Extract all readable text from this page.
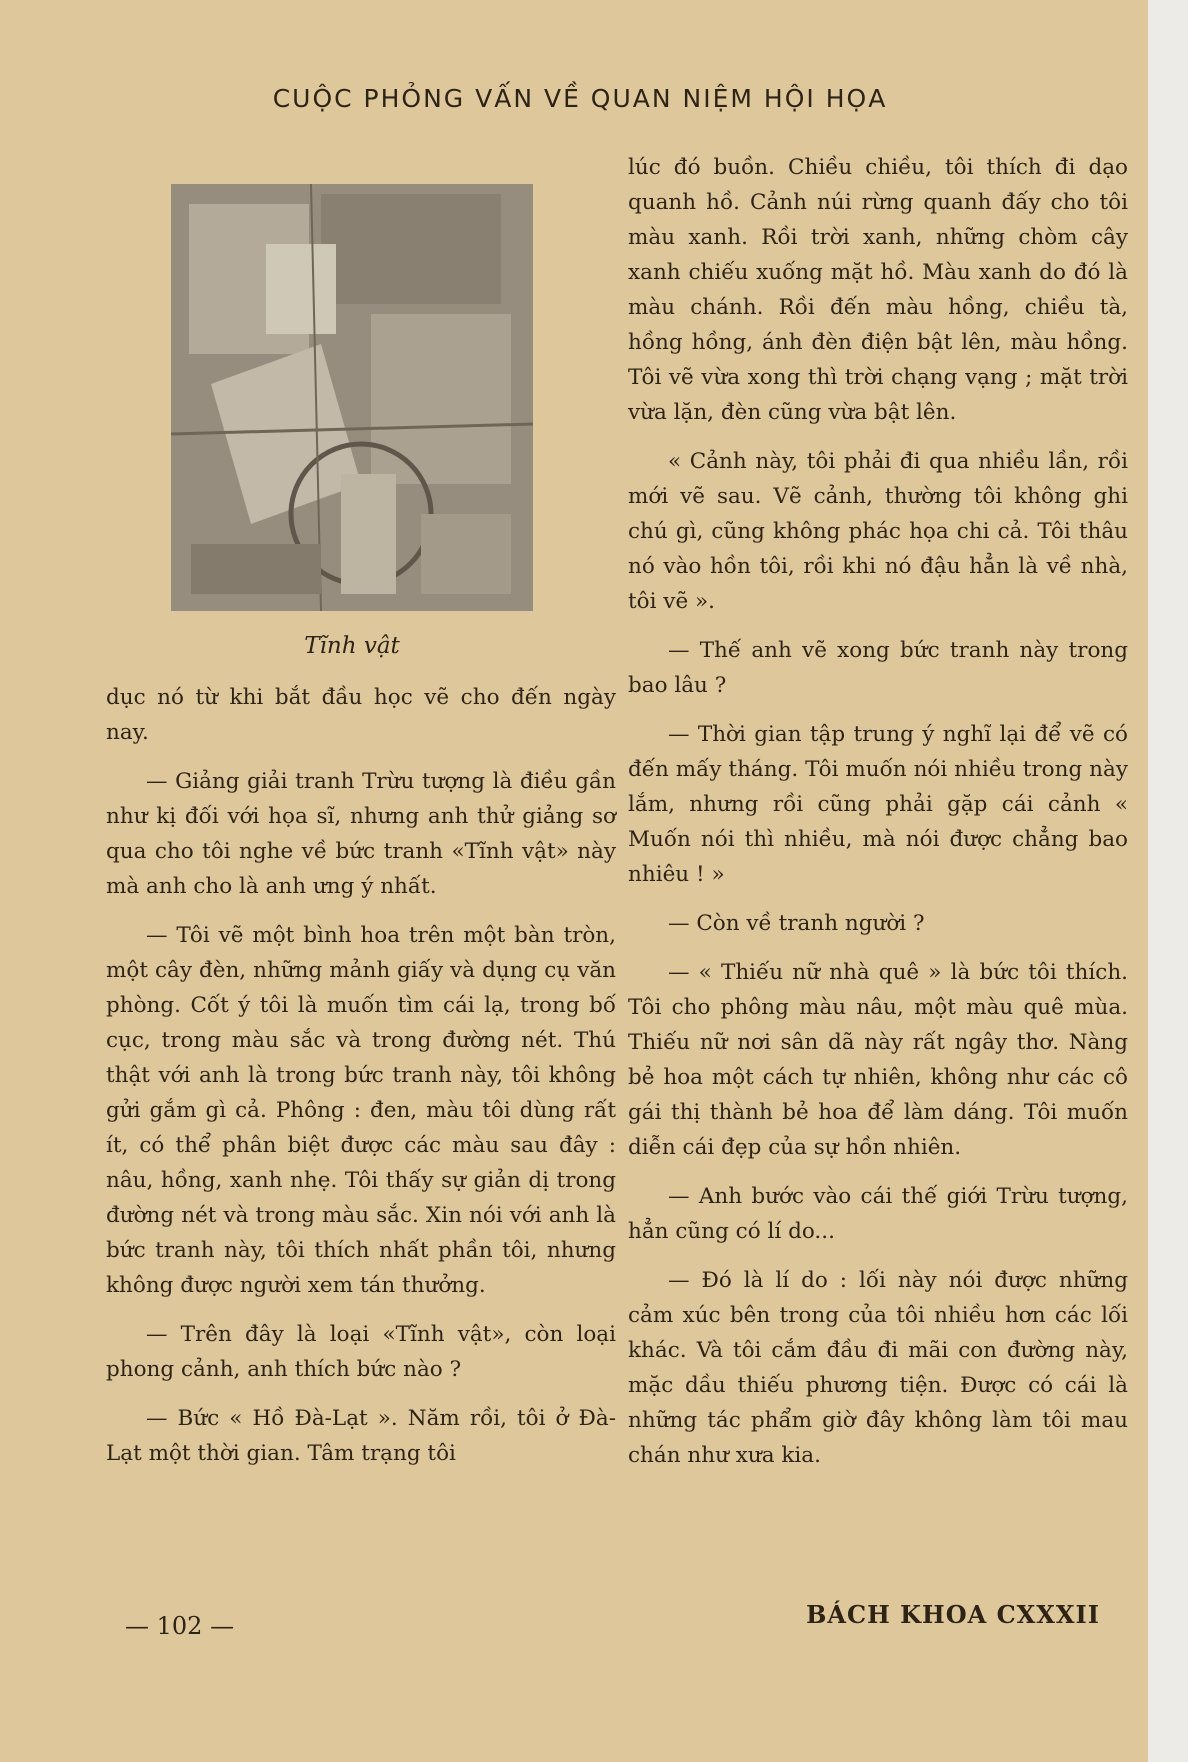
CUỘC PHỎNG VẤN VỀ QUAN NIỆM HỘI HỌA
Tĩnh vật

dục nó từ khi bắt đầu học vẽ cho đến ngày nay.

— Giảng giải tranh Trừu tượng là điều gần như kị đối với họa sĩ, nhưng anh thử giảng sơ qua cho tôi nghe về bức tranh «Tĩnh vật» này mà anh cho là anh ưng ý nhất.

— Tôi vẽ một bình hoa trên một bàn tròn, một cây đèn, những mảnh giấy và dụng cụ văn phòng. Cốt ý tôi là muốn tìm cái lạ, trong bố cục, trong màu sắc và trong đường nét. Thú thật với anh là trong bức tranh này, tôi không gửi gắm gì cả. Phông : đen, màu tôi dùng rất ít, có thể phân biệt được các màu sau đây : nâu, hồng, xanh nhẹ. Tôi thấy sự giản dị trong đường nét và trong màu sắc. Xin nói với anh là bức tranh này, tôi thích nhất phần tôi, nhưng không được người xem tán thưởng.

— Trên đây là loại «Tĩnh vật», còn loại phong cảnh, anh thích bức nào ?

— Bức « Hồ Đà-Lạt ». Năm rồi, tôi ở Đà-Lạt một thời gian. Tâm trạng tôi

lúc đó buồn. Chiều chiều, tôi thích đi dạo quanh hồ. Cảnh núi rừng quanh đấy cho tôi màu xanh. Rồi trời xanh, những chòm cây xanh chiếu xuống mặt hồ. Màu xanh do đó là màu chánh. Rồi đến màu hồng, chiều tà, hồng hồng, ánh đèn điện bật lên, màu hồng. Tôi vẽ vừa xong thì trời chạng vạng ; mặt trời vừa lặn, đèn cũng vừa bật lên.

« Cảnh này, tôi phải đi qua nhiều lần, rồi mới vẽ sau. Vẽ cảnh, thường tôi không ghi chú gì, cũng không phác họa chi cả. Tôi thâu nó vào hồn tôi, rồi khi nó đậu hẳn là về nhà, tôi vẽ ».

— Thế anh vẽ xong bức tranh này trong bao lâu ?

— Thời gian tập trung ý nghĩ lại để vẽ có đến mấy tháng. Tôi muốn nói nhiều trong này lắm, nhưng rồi cũng phải gặp cái cảnh « Muốn nói thì nhiều, mà nói được chẳng bao nhiêu ! »

— Còn về tranh người ?

— « Thiếu nữ nhà quê » là bức tôi thích. Tôi cho phông màu nâu, một màu quê mùa. Thiếu nữ nơi sân dã này rất ngây thơ. Nàng bẻ hoa một cách tự nhiên, không như các cô gái thị thành bẻ hoa để làm dáng. Tôi muốn diễn cái đẹp của sự hồn nhiên.

— Anh bước vào cái thế giới Trừu tượng, hẳn cũng có lí do...

— Đó là lí do : lối này nói được những cảm xúc bên trong của tôi nhiều hơn các lối khác. Và tôi cắm đầu đi mãi con đường này, mặc dầu thiếu phương tiện. Được có cái là những tác phẩm giờ đây không làm tôi mau chán như xưa kia.

— 102 —	BÁCH KHOA CXXXII
